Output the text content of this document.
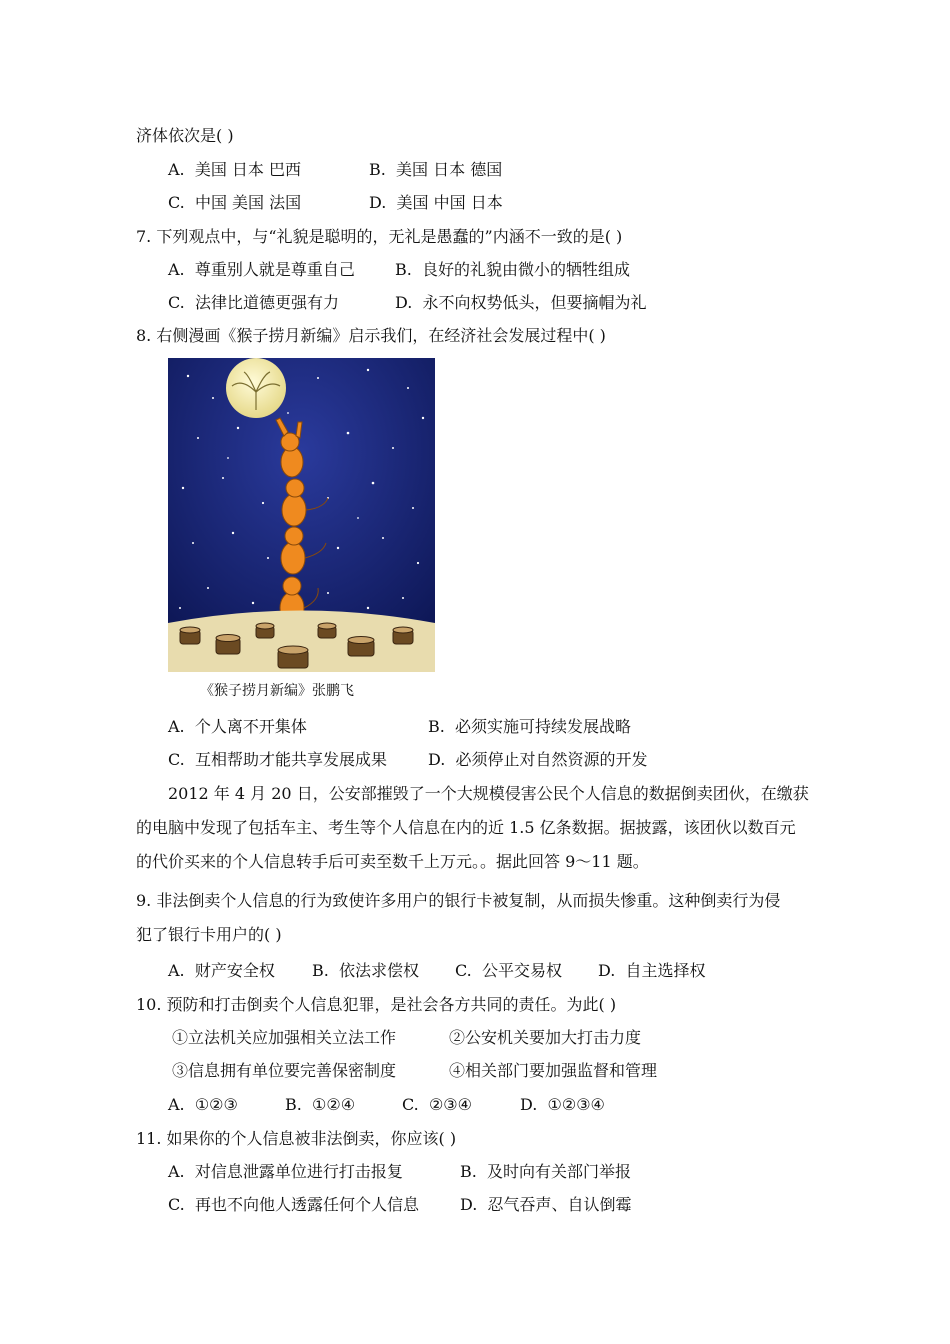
济体依次是( )
A. 美国 日本 巴西	B. 美国 日本 德国
C. 中国 美国 法国	D. 美国 中国 日本
7. 下列观点中，与“礼貌是聪明的，无礼是愚蠢的”内涵不一致的是( )
A. 尊重别人就是尊重自己	B. 良好的礼貌由微小的牺牲组成
C. 法律比道德更强有力	D. 永不向权势低头，但要摘帽为礼
8. 右侧漫画《猴子捞月新编》启示我们，在经济社会发展过程中( )
《猴子捞月新编》张鹏飞
A. 个人离不开集体	B. 必须实施可持续发展战略
C. 互相帮助才能共享发展成果	D. 必须停止对自然资源的开发
2012 年 4 月 20 日，公安部摧毁了一个大规模侵害公民个人信息的数据倒卖团伙，在缴获
的电脑中发现了包括车主、考生等个人信息在内的近 1.5 亿条数据。据披露，该团伙以数百元
的代价买来的个人信息转手后可卖至数千上万元。。据此回答 9～11 题。
9. 非法倒卖个人信息的行为致使许多用户的银行卡被复制，从而损失惨重。这种倒卖行为侵
犯了银行卡用户的( )
A. 财产安全权 B. 依法求偿权 C. 公平交易权 D. 自主选择权
10. 预防和打击倒卖个人信息犯罪，是社会各方共同的责任。为此( )
①立法机关应加强相关立法工作	②公安机关要加大打击力度
③信息拥有单位要完善保密制度	④相关部门要加强监督和管理
A. ①②③	B. ①②④	C. ②③④	D. ①②③④
11. 如果你的个人信息被非法倒卖，你应该( )
A. 对信息泄露单位进行打击报复	B. 及时向有关部门举报
C. 再也不向他人透露任何个人信息	D. 忍气吞声、自认倒霉
